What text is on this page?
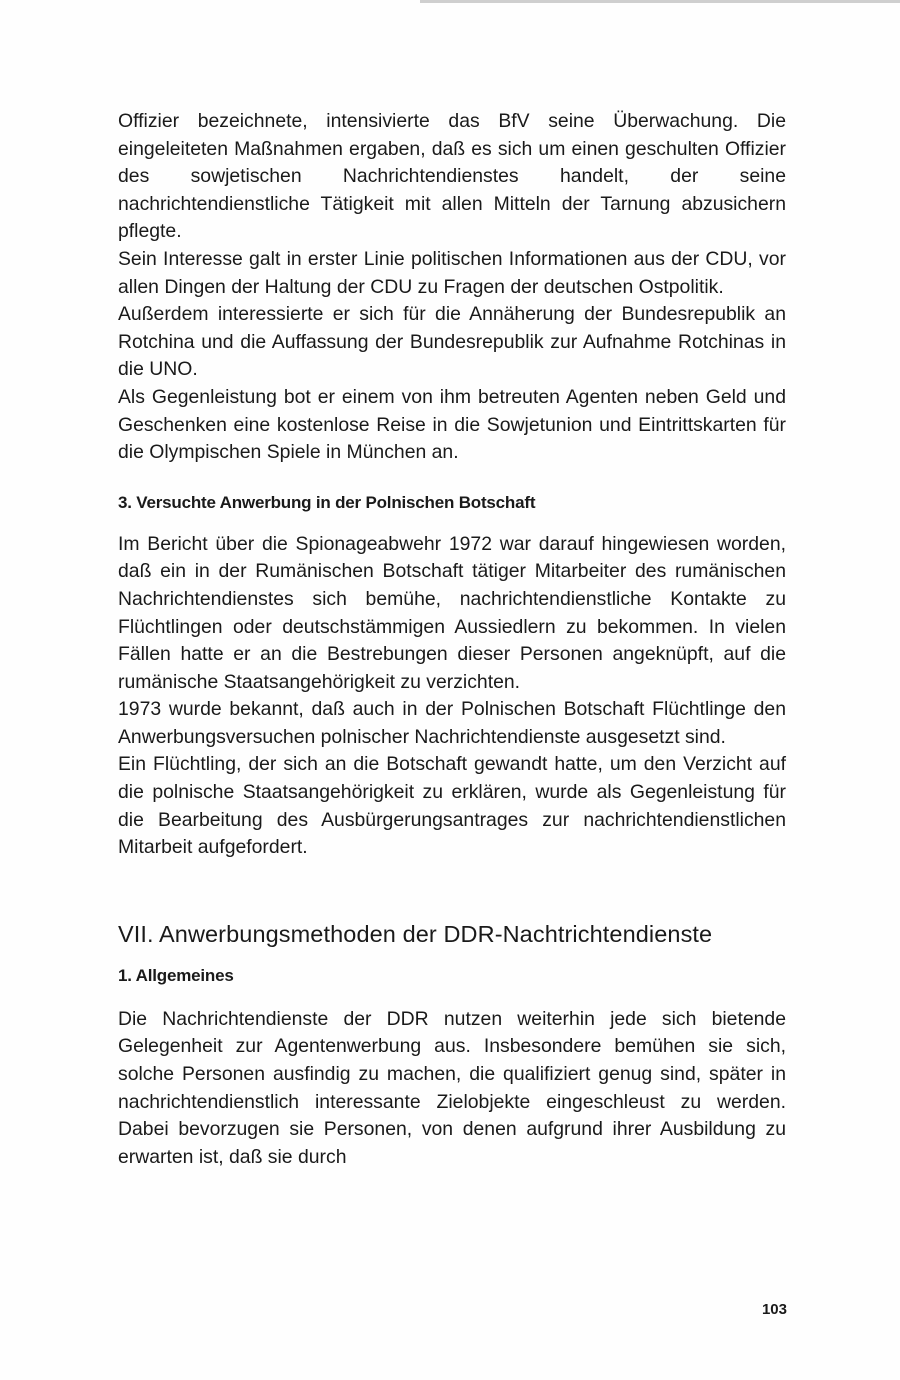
Offizier bezeichnete, intensivierte das BfV seine Überwachung. Die eingeleiteten Maßnahmen ergaben, daß es sich um einen geschulten Offizier des sowjetischen Nachrichtendienstes handelt, der seine nachrichtendienstliche Tätigkeit mit allen Mitteln der Tarnung abzusichern pflegte.

Sein Interesse galt in erster Linie politischen Informationen aus der CDU, vor allen Dingen der Haltung der CDU zu Fragen der deutschen Ostpolitik.

Außerdem interessierte er sich für die Annäherung der Bundesrepublik an Rotchina und die Auffassung der Bundesrepublik zur Aufnahme Rotchinas in die UNO.

Als Gegenleistung bot er einem von ihm betreuten Agenten neben Geld und Geschenken eine kostenlose Reise in die Sowjetunion und Eintrittskarten für die Olympischen Spiele in München an.

3. Versuchte Anwerbung in der Polnischen Botschaft

Im Bericht über die Spionageabwehr 1972 war darauf hingewiesen worden, daß ein in der Rumänischen Botschaft tätiger Mitarbeiter des rumänischen Nachrichtendienstes sich bemühe, nachrichtendienstliche Kontakte zu Flüchtlingen oder deutschstämmigen Aussiedlern zu bekommen. In vielen Fällen hatte er an die Bestrebungen dieser Personen angeknüpft, auf die rumänische Staatsangehörigkeit zu verzichten.

1973 wurde bekannt, daß auch in der Polnischen Botschaft Flüchtlinge den Anwerbungsversuchen polnischer Nachrichtendienste ausgesetzt sind.

Ein Flüchtling, der sich an die Botschaft gewandt hatte, um den Verzicht auf die polnische Staatsangehörigkeit zu erklären, wurde als Gegenleistung für die Bearbeitung des Ausbürgerungsantrages zur nachrichtendienstlichen Mitarbeit aufgefordert.

VII. Anwerbungsmethoden der DDR-Nachtrichtendienste
1. Allgemeines

Die Nachrichtendienste der DDR nutzen weiterhin jede sich bietende Gelegenheit zur Agentenwerbung aus. Insbesondere bemühen sie sich, solche Personen ausfindig zu machen, die qualifiziert genug sind, später in nachrichtendienstlich interessante Zielobjekte eingeschleust zu werden. Dabei bevorzugen sie Personen, von denen aufgrund ihrer Ausbildung zu erwarten ist, daß sie durch

103
